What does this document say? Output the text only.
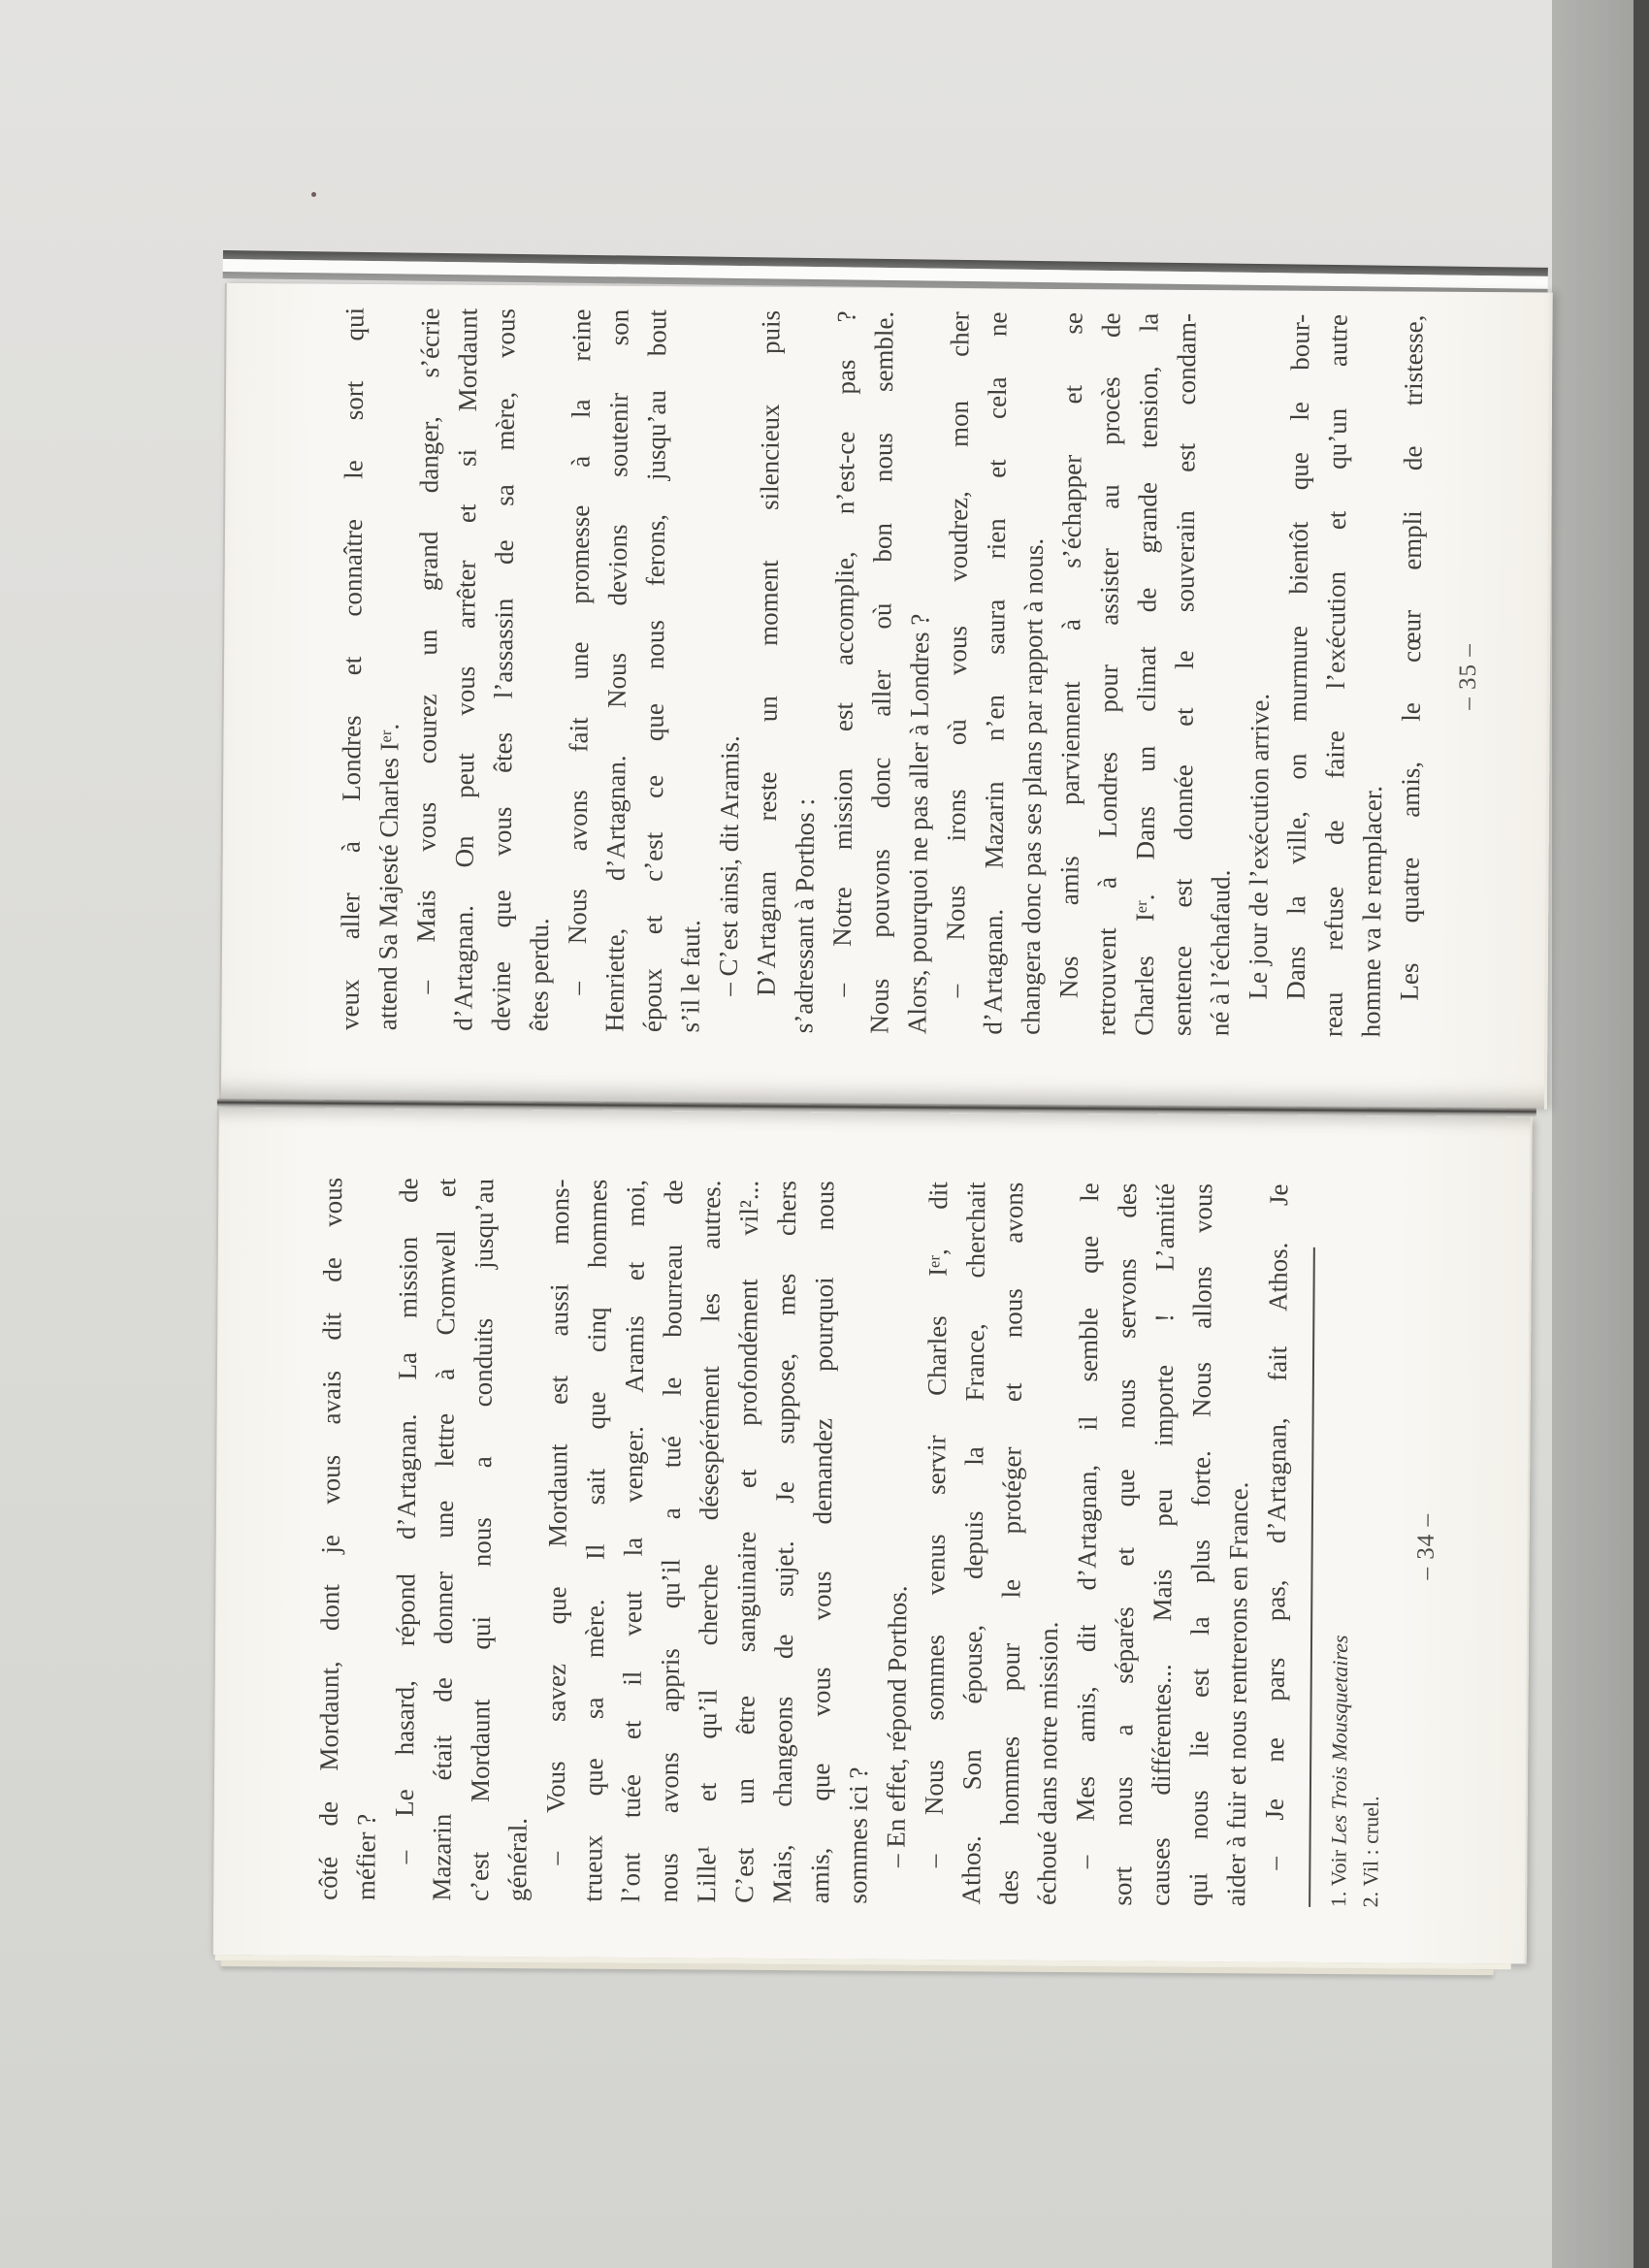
veux aller à Londres et connaître le sort qui attend Sa Majesté Charles Iᵉʳ. – Mais vous courez un grand danger, s’écrie d’Artagnan. On peut vous arrêter et si Mordaunt devine que vous êtes l’assassin de sa mère, vous êtes perdu. – Nous avons fait une promesse à la reine Henriette, d’Artagnan. Nous devions soutenir son époux et c’est ce que nous ferons, jusqu’au bout s’il le faut. – C’est ainsi, dit Aramis. D’Artagnan reste un moment silencieux puis s’adressant à Porthos : – Notre mission est accomplie, n’est-ce pas ? Nous pouvons donc aller où bon nous semble. Alors, pourquoi ne pas aller à Londres ? – Nous irons où vous voudrez, mon cher d’Artagnan. Mazarin n’en saura rien et cela ne changera donc pas ses plans par rapport à nous. Nos amis parviennent à s’échapper et se retrouvent à Londres pour assister au procès de Charles Iᵉʳ. Dans un climat de grande tension, la sentence est donnée et le souverain est condam- né à l’échafaud. Le jour de l’exécution arrive. Dans la ville, on murmure bientôt que le bour- reau refuse de faire l’exécution et qu’un autre homme va le remplacer. Les quatre amis, le cœur empli de tristesse, – 35 –
côté de Mordaunt, dont je vous avais dit de vous méfier ? – Le hasard, répond d’Artagnan. La mission de Mazarin était de donner une lettre à Cromwell et c’est Mordaunt qui nous a conduits jusqu’au général. – Vous savez que Mordaunt est aussi mons- trueux que sa mère. Il sait que cinq hommes l’ont tuée et il veut la venger. Aramis et moi, nous avons appris qu’il a tué le bourreau de Lille¹ et qu’il cherche désespérément les autres. C’est un être sanguinaire et profondément vil²... Mais, changeons de sujet. Je suppose, mes chers amis, que vous vous demandez pourquoi nous sommes ici ? – En effet, répond Porthos. – Nous sommes venus servir Charles Iᵉʳ, dit Athos. Son épouse, depuis la France, cherchait des hommes pour le protéger et nous avons échoué dans notre mission. – Mes amis, dit d’Artagnan, il semble que le sort nous a séparés et que nous servons des causes différentes... Mais peu importe ! L’amitié qui nous lie est la plus forte. Nous allons vous aider à fuir et nous rentrerons en France. – Je ne pars pas, d’Artagnan, fait Athos. Je
1. Voir Les Trois Mousquetaires
2. Vil : cruel.
– 34 –
